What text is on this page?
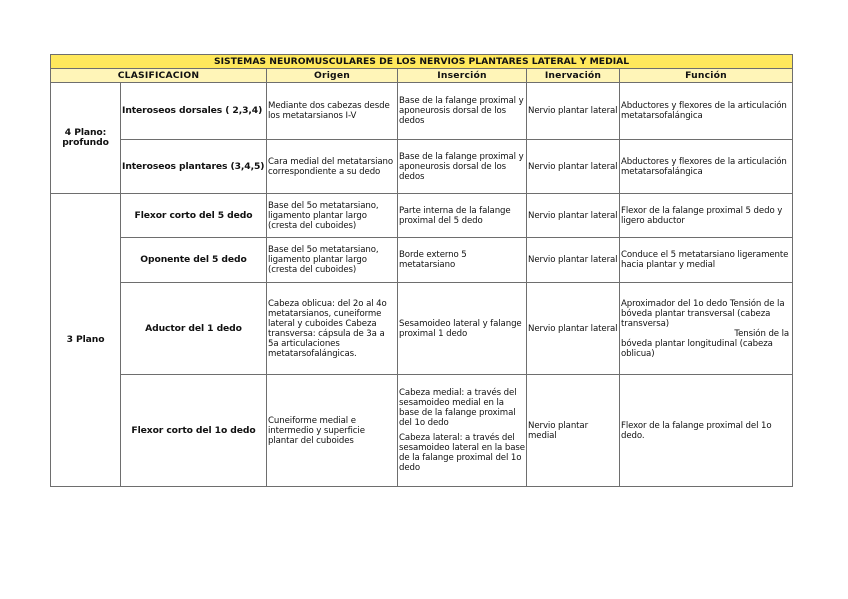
SISTEMAS NEUROMUSCULARES DE LOS NERVIOS PLANTARES LATERAL Y MEDIAL					
CLASIFICACION		Origen	Inserción	Inervación	Función
4 Plano: profundo	Interoseos dorsales ( 2,3,4)	Mediante dos cabezas desde los metatarsianos I-V	Base de la falange proximal y aponeurosis dorsal de los dedos	Nervio plantar lateral	Abductores y flexores de la articulación metatarsofalángica
	Interoseos plantares (3,4,5)	Cara medial del metatarsiano correspondiente a su dedo	Base de la falange proximal y aponeurosis dorsal de los dedos	Nervio plantar lateral	Abductores y flexores de la articulación metatarsofalángica
3 Plano	Flexor corto del 5 dedo	Base del 5o metatarsiano, ligamento plantar largo (cresta del cuboides)	Parte interna de la falange proximal del 5 dedo	Nervio plantar lateral	Flexor de la falange proximal 5 dedo y ligero abductor
	Oponente del 5 dedo	Base del 5o metatarsiano, ligamento plantar largo (cresta del cuboides)	Borde externo 5 metatarsiano	Nervio plantar lateral	Conduce el 5 metatarsiano ligeramente hacia plantar y medial
	Aductor del 1 dedo	Cabeza oblicua: del 2o al 4o metatarsianos, cuneiforme lateral y cuboides Cabeza transversa: cápsula de 3a a 5a articulaciones metatarsofalángicas.	Sesamoideo lateral y falange proximal 1 dedo	Nervio plantar lateral	Aproximador del 1o dedo Tensión de la bóveda plantar transversal (cabeza transversa)
Tensión de la
bóveda plantar longitudinal (cabeza oblicua)

	Flexor corto del 1o dedo	Cuneiforme medial e intermedio y superficie plantar del cuboides	Cabeza medial: a través del sesamoideo medial en la base de la falange proximal del 1o dedo
Cabeza lateral: a través del sesamoideo lateral en la base de la falange proximal del 1o dedo	Nervio plantar medial	Flexor de la falange proximal del 1o dedo.
